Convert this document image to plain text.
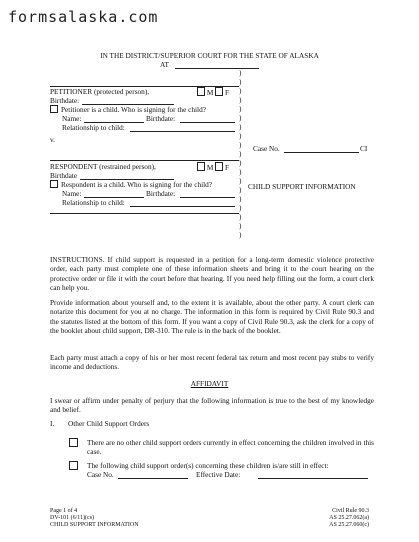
formsalaska.com
IN THE DISTRICT/SUPERIOR COURT FOR THE STATE OF ALASKA
AT
)
)
)
)
)
)
)
)
)
)
)
)
)
)
)
)
)
)
)
PETITIONER (protected person),	M F
Birthdate:
Petitioner is a child. Who is signing for the child?
Name:	Birthdate:
Relationship to child:
v.
Case No.	CI
RESPONDENT (restrained person),	M F
Birthdate
Respondent is a child. Who is signing for the child?	CHILD SUPPORT INFORMATION
Name:	Birthdate:
Relationship to child:
INSTRUCTIONS. If child support is requested in a petition for a long-term domestic violence protective order, each party must complete one of these information sheets and bring it to the court hearing on the protective order or file it with the court before that hearing. If you need help filling out the form, a court clerk can help you.
Provide information about yourself and, to the extent it is available, about the other party. A court clerk can notarize this document for you at no charge. The information in this form is required by Civil Rule 90.3 and the statutes listed at the bottom of this form. If you want a copy of Civil Rule 90.3, ask the clerk for a copy of the booklet about child support, DR-310. The rule is in the back of the booklet.
Each party must attach a copy of his or her most recent federal tax return and most recent pay stubs to verify income and deductions.
AFFIDAVIT
I swear or affirm under penalty of perjury that the following information is true to the best of my knowledge and belief.
I. Other Child Support Orders
There are no other child support orders currently in effect concerning the children involved in this case.
The following child support order(s) concerning these children is/are still in effect:
Case No.	Effective Date:
Page 1 of 4
DV-101 (6/11)(cs)
CHILD SUPPORT INFORMATION
Civil Rule 90.3
AS 25.27.062(a)
AS 25.27.060(c)
